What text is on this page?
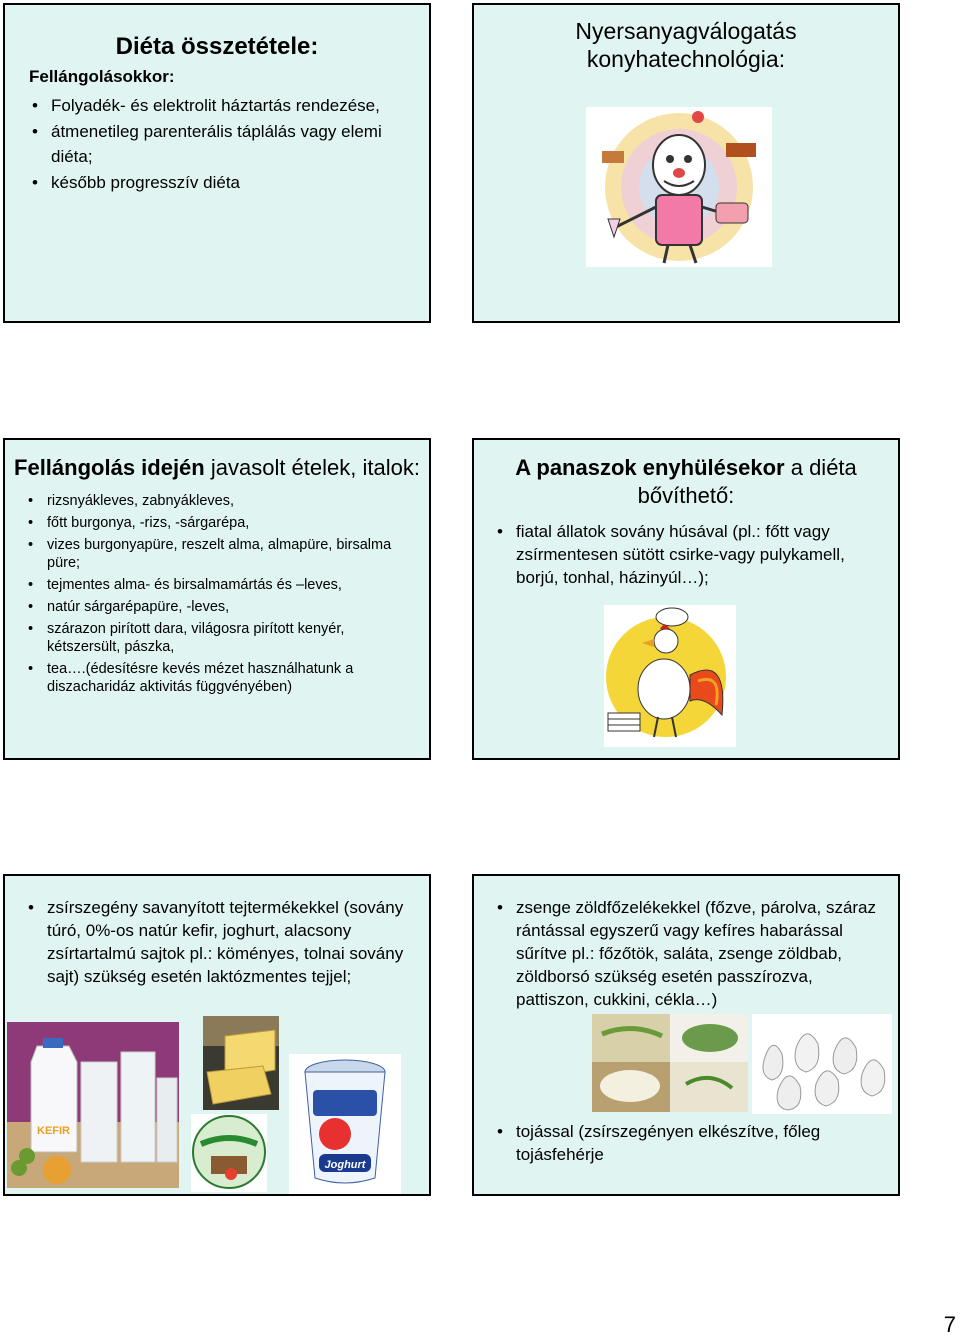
Diéta összetétele:
Fellángolásokkor:
• Folyadék- és elektrolit háztartás rendezése,
• átmenetileg parenterális táplálás vagy elemi diéta;
• később progresszív diéta
Nyersanyagválogatás
konyhatechnológia:
Fellángolás idején javasolt ételek, italok:
• rizsnyákleves, zabnyákleves,
• főtt burgonya, -rizs, -sárgarépa,
• vizes burgonyapüre, reszelt alma, almapüre, birsalma püre;
• tejmentes alma- és birsalmamártás és –leves,
• natúr sárgarépapüre, -leves,
• szárazon pirított dara, világosra pirított kenyér, kétszersült, pászka,
• tea….(édesítésre kevés mézet használhatunk a diszacharidáz aktivitás függvényében)
A panaszok enyhülésekor a diéta bővíthető:
• fiatal állatok sovány húsával (pl.: főtt vagy zsírmentesen sütött csirke-vagy pulykamell, borjú, tonhal, házinyúl…);
• zsírszegény savanyított tejtermékekkel (sovány túró, 0%-os natúr kefir, joghurt, alacsony zsírtartalmú sajtok pl.: köményes, tolnai sovány sajt) szükség esetén laktózmentes tejjel;
KEFIR
Joghurt
• zsenge zöldfőzelékekkel (főzve, párolva, száraz rántással egyszerű vagy kefíres habarással sűrítve pl.: főzőtök, saláta, zsenge zöldbab, zöldborsó szükség esetén passzírozva, pattiszon, cukkini, cékla…)
• tojással (zsírszegényen elkészítve, főleg tojásfehérje
7
